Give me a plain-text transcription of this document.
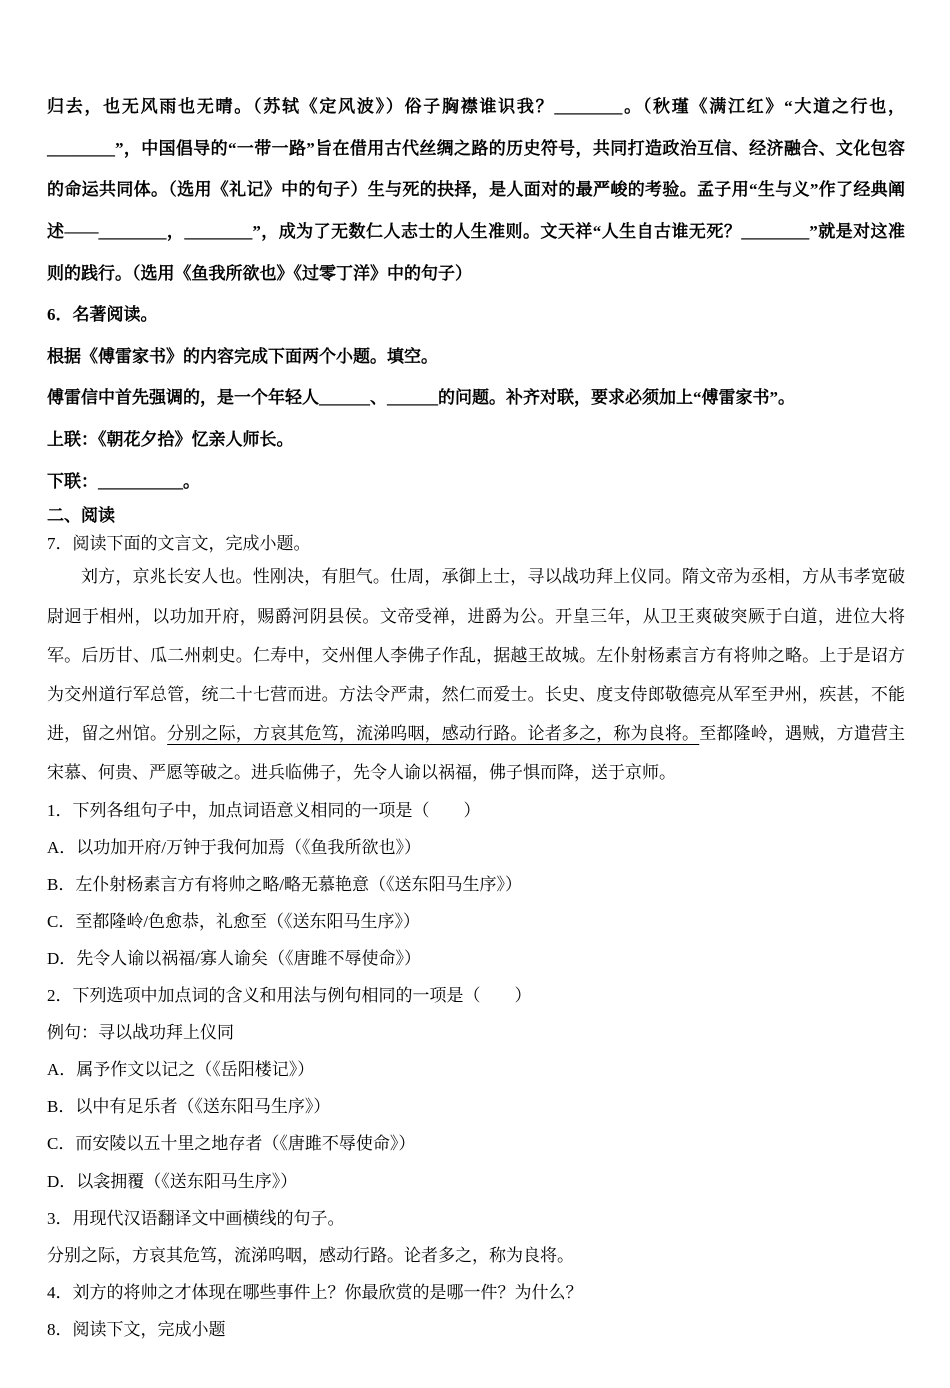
归去，也无风雨也无晴。（苏轼《定风波》）俗子胸襟谁识我？________。（秋瑾《满江红》“大道之行也，________”，中国倡导的“一带一路”旨在借用古代丝绸之路的历史符号，共同打造政治互信、经济融合、文化包容的命运共同体。（选用《礼记》中的句子）生与死的抉择，是人面对的最严峻的考验。孟子用“生与义”作了经典阐述——________，________”，成为了无数仁人志士的人生准则。文天祥“人生自古谁无死？________”就是对这准则的践行。（选用《鱼我所欲也》《过零丁洋》中的句子）

6．名著阅读。

根据《傅雷家书》的内容完成下面两个小题。填空。

傅雷信中首先强调的，是一个年轻人______、______的问题。补齐对联，要求必须加上“傅雷家书”。

上联：《朝花夕拾》忆亲人师长。

下联：__________。

二、阅读

7．阅读下面的文言文，完成小题。

刘方，京兆长安人也。性刚决，有胆气。仕周，承御上士，寻以战功拜上仪同。隋文帝为丞相，方从韦孝宽破尉迥于相州，以功加开府，赐爵河阴县侯。文帝受禅，进爵为公。开皇三年，从卫王爽破突厥于白道，进位大将军。后历甘、瓜二州刺史。仁寿中，交州俚人李佛子作乱，据越王故城。左仆射杨素言方有将帅之略。上于是诏方为交州道行军总管，统二十七营而进。方法令严肃，然仁而爱士。长史、度支侍郎敬德亮从军至尹州，疾甚，不能进，留之州馆。分别之际，方哀其危笃，流涕呜咽，感动行路。论者多之，称为良将。至都隆岭，遇贼，方遣营主宋慕、何贵、严愿等破之。进兵临佛子，先令人谕以祸福，佛子惧而降，送于京师。

1．下列各组句子中，加点词语意义相同的一项是（　　）

A．以功加开府/万钟于我何加焉（《鱼我所欲也》）

B．左仆射杨素言方有将帅之略/略无慕艳意（《送东阳马生序》）

C．至都隆岭/色愈恭，礼愈至（《送东阳马生序》）

D．先令人谕以祸福/寡人谕矣（《唐雎不辱使命》）

2．下列选项中加点词的含义和用法与例句相同的一项是（　　）

例句：寻以战功拜上仪同

A．属予作文以记之（《岳阳楼记》）

B．以中有足乐者（《送东阳马生序》）

C．而安陵以五十里之地存者（《唐雎不辱使命》）

D．以衾拥覆（《送东阳马生序》）

3．用现代汉语翻译文中画横线的句子。

分别之际，方哀其危笃，流涕呜咽，感动行路。论者多之，称为良将。

4．刘方的将帅之才体现在哪些事件上？你最欣赏的是哪一件？为什么？

8．阅读下文，完成小题
